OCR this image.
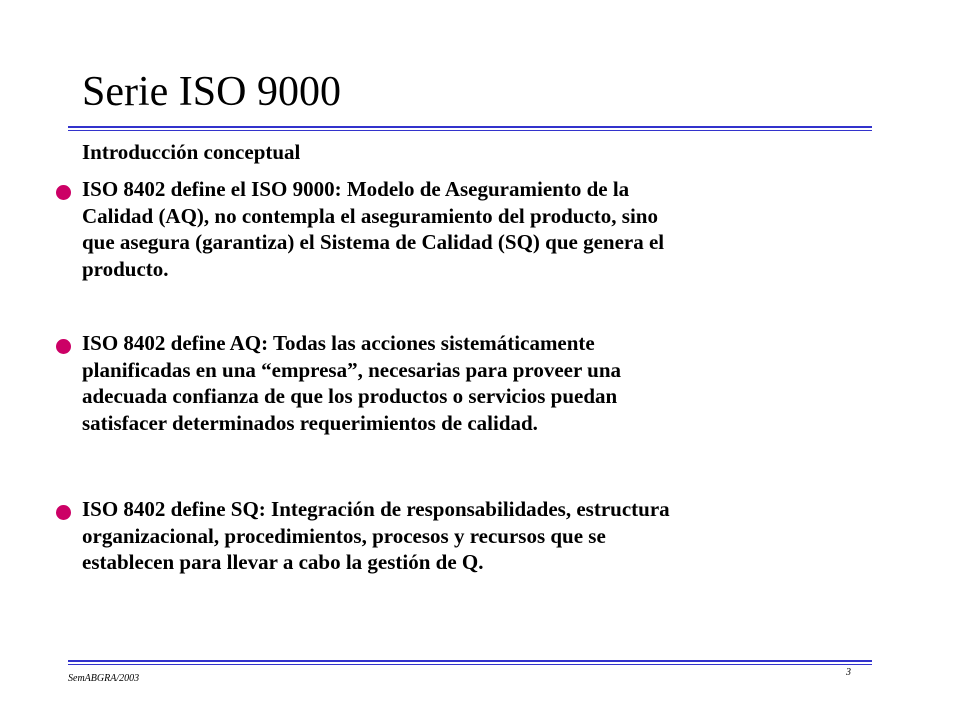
Serie ISO 9000
Introducción conceptual
ISO 8402 define el ISO 9000: Modelo de Aseguramiento de la
Calidad (AQ), no contempla el aseguramiento del producto, sino
que asegura (garantiza) el Sistema de Calidad (SQ) que genera el
producto.
ISO 8402 define AQ: Todas las acciones sistemáticamente
planificadas en una “empresa”, necesarias para proveer una
adecuada confianza de que los productos o servicios puedan
satisfacer determinados requerimientos de calidad.
ISO 8402 define SQ: Integración de responsabilidades, estructura
organizacional, procedimientos, procesos y recursos que se
establecen para llevar a cabo la gestión de Q.
SemABGRA/2003
3
